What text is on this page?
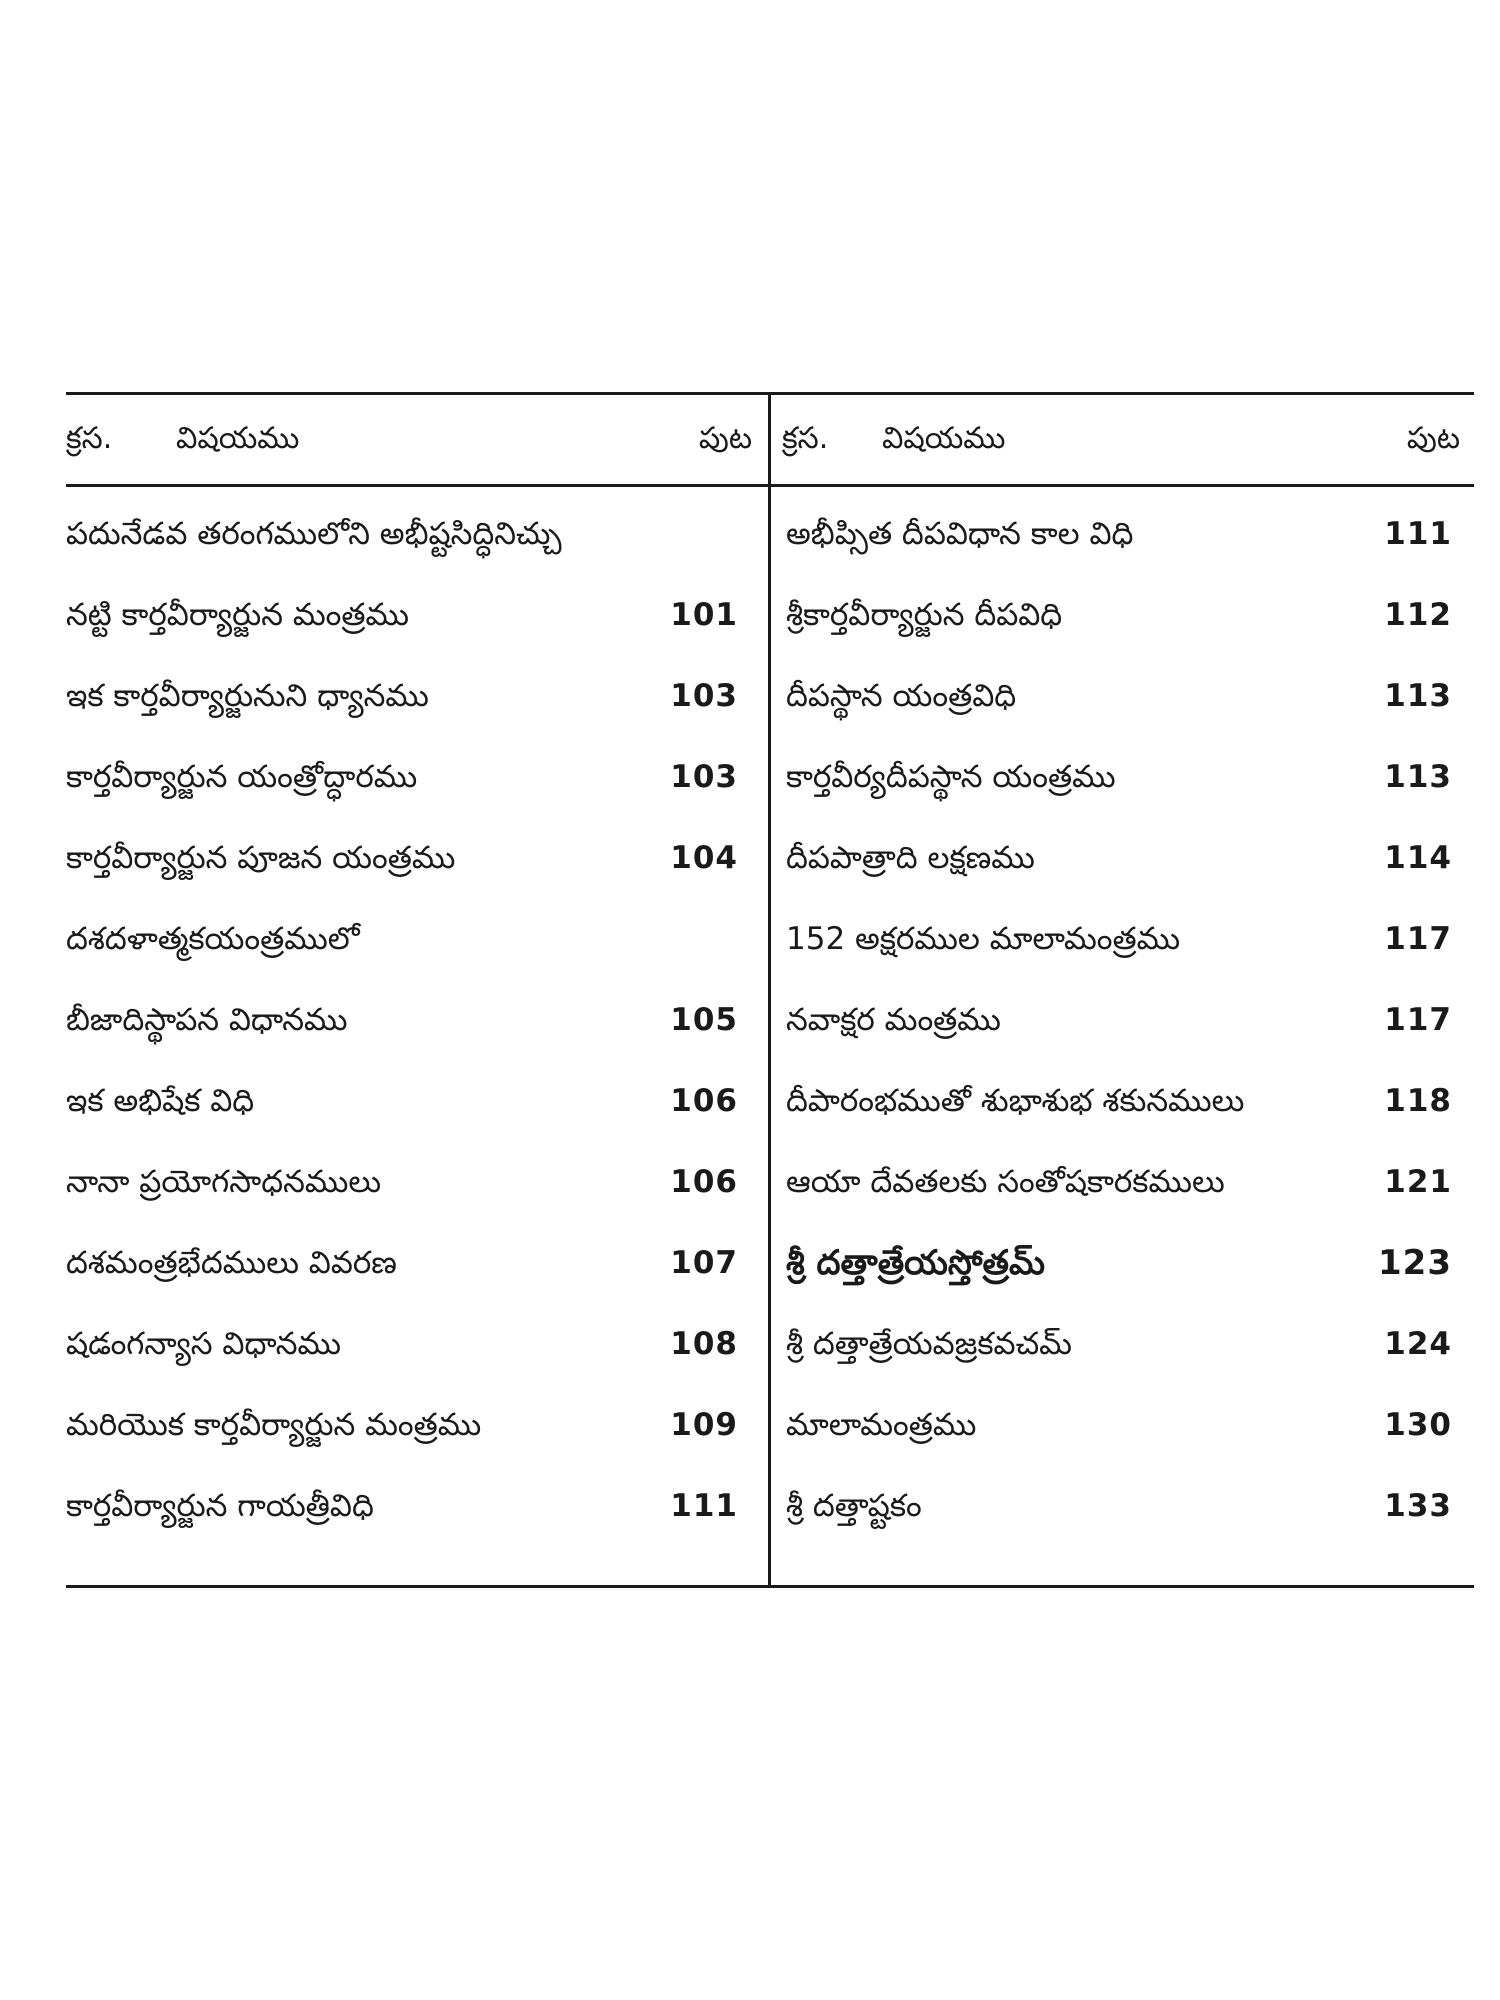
క్రస. విషయము	పుట
పదునేడవ తరంగములోని అభీష్టసిద్ధినిచ్చు
నట్టి కార్తవీర్యార్జున మంత్రము	101
ఇక కార్తవీర్యార్జునుని ధ్యానము	103
కార్తవీర్యార్జున యంత్రోద్ధారము	103
కార్తవీర్యార్జున పూజన యంత్రము	104
దశదళాత్మకయంత్రములో
బీజాదిస్థాపన విధానము	105
ఇక అభిషేక విధి	106
నానా ప్రయోగసాధనములు	106
దశమంత్రభేదములు వివరణ	107
షడంగన్యాస విధానము	108
మరియొక కార్తవీర్యార్జున మంత్రము	109
కార్తవీర్యార్జున గాయత్రీవిధి	111
క్రస. విషయము	పుట
అభీప్సిత దీపవిధాన కాల విధి	111
శ్రీకార్తవీర్యార్జున దీపవిధి	112
దీపస్థాన యంత్రవిధి	113
కార్తవీర్యదీపస్థాన యంత్రము	113
దీపపాత్రాది లక్షణము	114
152 అక్షరముల మాలామంత్రము	117
నవాక్షర మంత్రము	117
దీపారంభముతో శుభాశుభ శకునములు	118
ఆయా దేవతలకు సంతోషకారకములు	121
శ్రీ దత్తాత్రేయస్తోత్రమ్	123
శ్రీ దత్తాత్రేయవజ్రకవచమ్	124
మాలామంత్రము	130
శ్రీ దత్తాష్టకం	133
